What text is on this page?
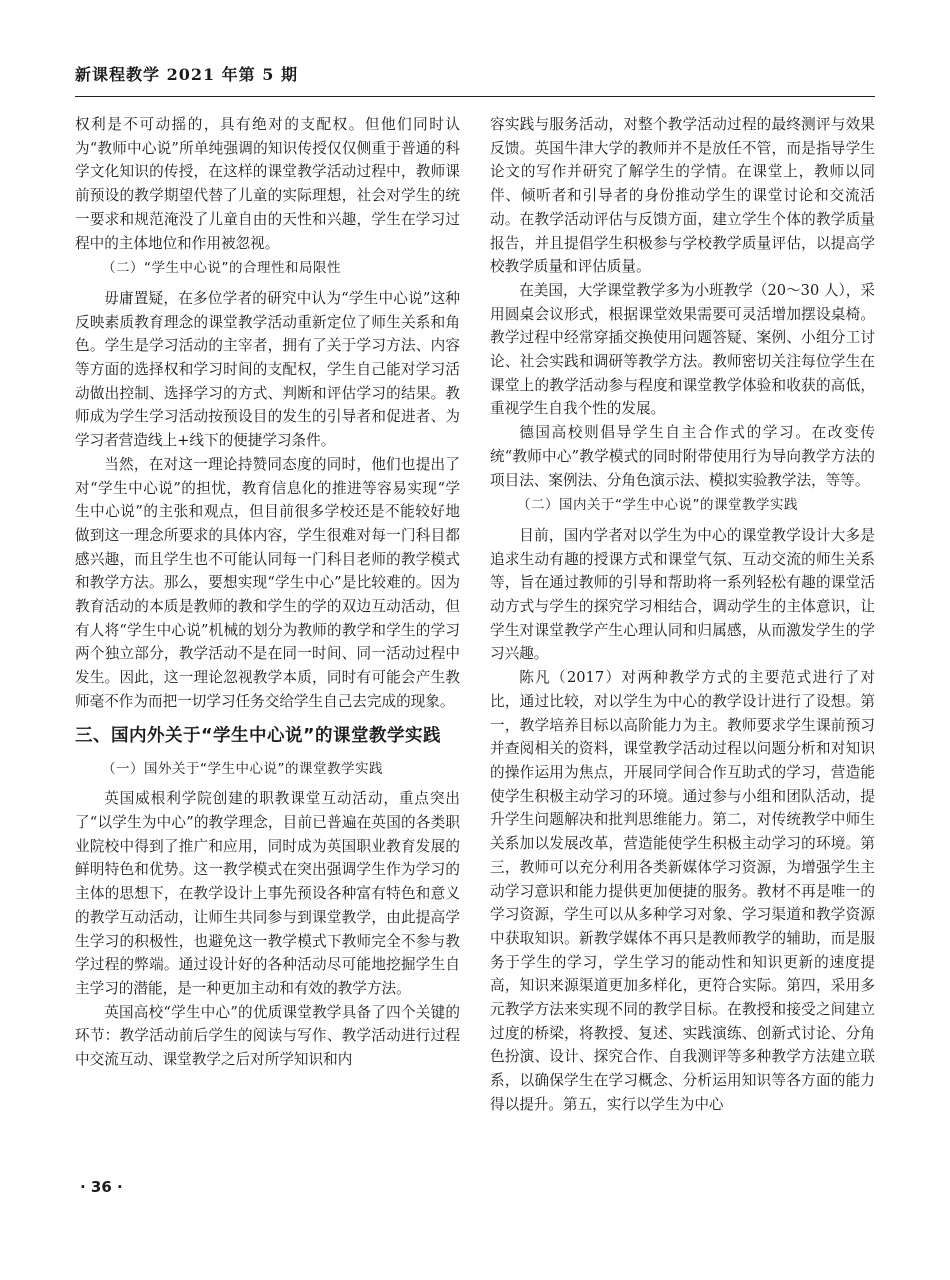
新课程教学 2021 年第 5 期

权利是不可动摇的，具有绝对的支配权。但他们同时认为“教师中心说”所单纯强调的知识传授仅仅侧重于普通的科学文化知识的传授，在这样的课堂教学活动过程中，教师课前预设的教学期望代替了儿童的实际理想，社会对学生的统一要求和规范淹没了儿童自由的天性和兴趣，学生在学习过程中的主体地位和作用被忽视。

（二）“学生中心说”的合理性和局限性

毋庸置疑，在多位学者的研究中认为“学生中心说”这种反映素质教育理念的课堂教学活动重新定位了师生关系和角色。学生是学习活动的主宰者，拥有了关于学习方法、内容等方面的选择权和学习时间的支配权，学生自己能对学习活动做出控制、选择学习的方式、判断和评估学习的结果。教师成为学生学习活动按预设目的发生的引导者和促进者、为学习者营造线上+线下的便捷学习条件。

当然，在对这一理论持赞同态度的同时，他们也提出了对“学生中心说”的担忧，教育信息化的推进等容易实现“学生中心说”的主张和观点，但目前很多学校还是不能较好地做到这一理念所要求的具体内容，学生很难对每一门科目都感兴趣，而且学生也不可能认同每一门科目老师的教学模式和教学方法。那么，要想实现“学生中心”是比较难的。因为教育活动的本质是教师的教和学生的学的双边互动活动，但有人将“学生中心说”机械的划分为教师的教学和学生的学习两个独立部分，教学活动不是在同一时间、同一活动过程中发生。因此，这一理论忽视教学本质，同时有可能会产生教师毫不作为而把一切学习任务交给学生自己去完成的现象。

三、国内外关于“学生中心说”的课堂教学实践
（一）国外关于“学生中心说”的课堂教学实践

英国威根利学院创建的职教课堂互动活动，重点突出了“以学生为中心”的教学理念，目前已普遍在英国的各类职业院校中得到了推广和应用，同时成为英国职业教育发展的鲜明特色和优势。这一教学模式在突出强调学生作为学习的主体的思想下，在教学设计上事先预设各种富有特色和意义的教学互动活动，让师生共同参与到课堂教学，由此提高学生学习的积极性，也避免这一教学模式下教师完全不参与教学过程的弊端。通过设计好的各种活动尽可能地挖掘学生自主学习的潜能，是一种更加主动和有效的教学方法。

英国高校“学生中心”的优质课堂教学具备了四个关键的环节：教学活动前后学生的阅读与写作、教学活动进行过程中交流互动、课堂教学之后对所学知识和内

容实践与服务活动，对整个教学活动过程的最终测评与效果反馈。英国牛津大学的教师并不是放任不管，而是指导学生论文的写作并研究了解学生的学情。在课堂上，教师以同伴、倾听者和引导者的身份推动学生的课堂讨论和交流活动。在教学活动评估与反馈方面，建立学生个体的教学质量报告，并且提倡学生积极参与学校教学质量评估，以提高学校教学质量和评估质量。

在美国，大学课堂教学多为小班教学（20～30 人），采用圆桌会议形式，根据课堂效果需要可灵活增加摆设桌椅。教学过程中经常穿插交换使用问题答疑、案例、小组分工讨论、社会实践和调研等教学方法。教师密切关注每位学生在课堂上的教学活动参与程度和课堂教学体验和收获的高低，重视学生自我个性的发展。

德国高校则倡导学生自主合作式的学习。在改变传统“教师中心”教学模式的同时附带使用行为导向教学方法的项目法、案例法、分角色演示法、模拟实验教学法，等等。

（二）国内关于“学生中心说”的课堂教学实践

目前，国内学者对以学生为中心的课堂教学设计大多是追求生动有趣的授课方式和课堂气氛、互动交流的师生关系等，旨在通过教师的引导和帮助将一系列轻松有趣的课堂活动方式与学生的探究学习相结合，调动学生的主体意识，让学生对课堂教学产生心理认同和归属感，从而激发学生的学习兴趣。

陈凡（2017）对两种教学方式的主要范式进行了对比，通过比较，对以学生为中心的教学设计进行了设想。第一，教学培养目标以高阶能力为主。教师要求学生课前预习并查阅相关的资料，课堂教学活动过程以问题分析和对知识的操作运用为焦点，开展同学间合作互助式的学习，营造能使学生积极主动学习的环境。通过参与小组和团队活动，提升学生问题解决和批判思维能力。第二，对传统教学中师生关系加以发展改革，营造能使学生积极主动学习的环境。第三，教师可以充分利用各类新媒体学习资源，为增强学生主动学习意识和能力提供更加便捷的服务。教材不再是唯一的学习资源，学生可以从多种学习对象、学习渠道和教学资源中获取知识。新教学媒体不再只是教师教学的辅助，而是服务于学生的学习，学生学习的能动性和知识更新的速度提高，知识来源渠道更加多样化，更符合实际。第四，采用多元教学方法来实现不同的教学目标。在教授和接受之间建立过度的桥梁，将教授、复述、实践演练、创新式讨论、分角色扮演、设计、探究合作、自我测评等多种教学方法建立联系，以确保学生在学习概念、分析运用知识等各方面的能力得以提升。第五，实行以学生为中心

· 36 ·
